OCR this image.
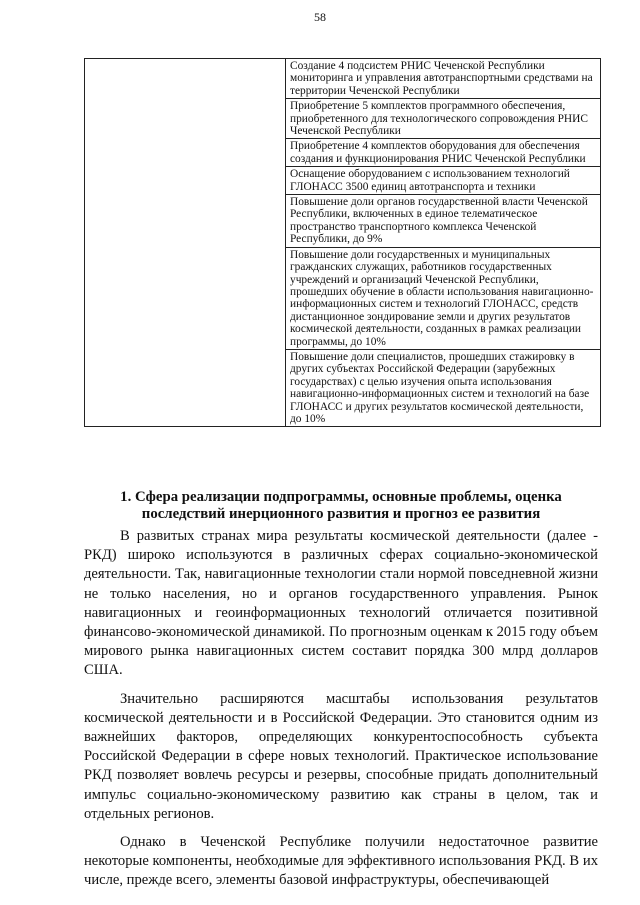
58

Создание 4 подсистем РНИС Чеченской Республики мониторинга и управления автотранспортными средствами на территории Чеченской Республики
Приобретение 5 комплектов программного обеспечения, приобретенного для технологического сопровождения РНИС Чеченской Республики
Приобретение 4 комплектов оборудования для обеспечения создания и функционирования РНИС Чеченской Республики
Оснащение оборудованием с использованием технологий ГЛОНАСС 3500 единиц автотранспорта и техники
Повышение доли органов государственной власти Чеченской Республики, включенных в единое телематическое пространство транспортного комплекса Чеченской Республики, до 9%
Повышение доли государственных и муниципальных гражданских служащих, работников государственных учреждений и организаций Чеченской Республики, прошедших обучение в области использования навигационно-информационных систем и технологий ГЛОНАСС, средств дистанционное зондирование земли и других результатов космической деятельности, созданных в рамках реализации программы, до 10%
Повышение доли специалистов, прошедших стажировку в других субъектах Российской Федерации (зарубежных государствах) с целью изучения опыта использования навигационно-информационных систем и технологий на базе ГЛОНАСС и других результатов космической деятельности, до 10%
1. Сфера реализации подпрограммы, основные проблемы, оценка последствий инерционного развития и прогноз ее развития

В развитых странах мира результаты космической деятельности (далее - РКД) широко используются в различных сферах социально-экономической деятельности. Так, навигационные технологии стали нормой повседневной жизни не только населения, но и органов государственного управления. Рынок навигационных и геоинформационных технологий отличается позитивной финансово-экономической динамикой. По прогнозным оценкам к 2015 году объем мирового рынка навигационных систем составит порядка 300 млрд долларов США.

Значительно расширяются масштабы использования результатов космической деятельности и в Российской Федерации. Это становится одним из важнейших факторов, определяющих конкурентоспособность субъекта Российской Федерации в сфере новых технологий. Практическое использование РКД позволяет вовлечь ресурсы и резервы, способные придать дополнительный импульс социально-экономическому развитию как страны в целом, так и отдельных регионов.

Однако в Чеченской Республике получили недостаточное развитие некоторые компоненты, необходимые для эффективного использования РКД. В их числе, прежде всего, элементы базовой инфраструктуры, обеспечивающей
